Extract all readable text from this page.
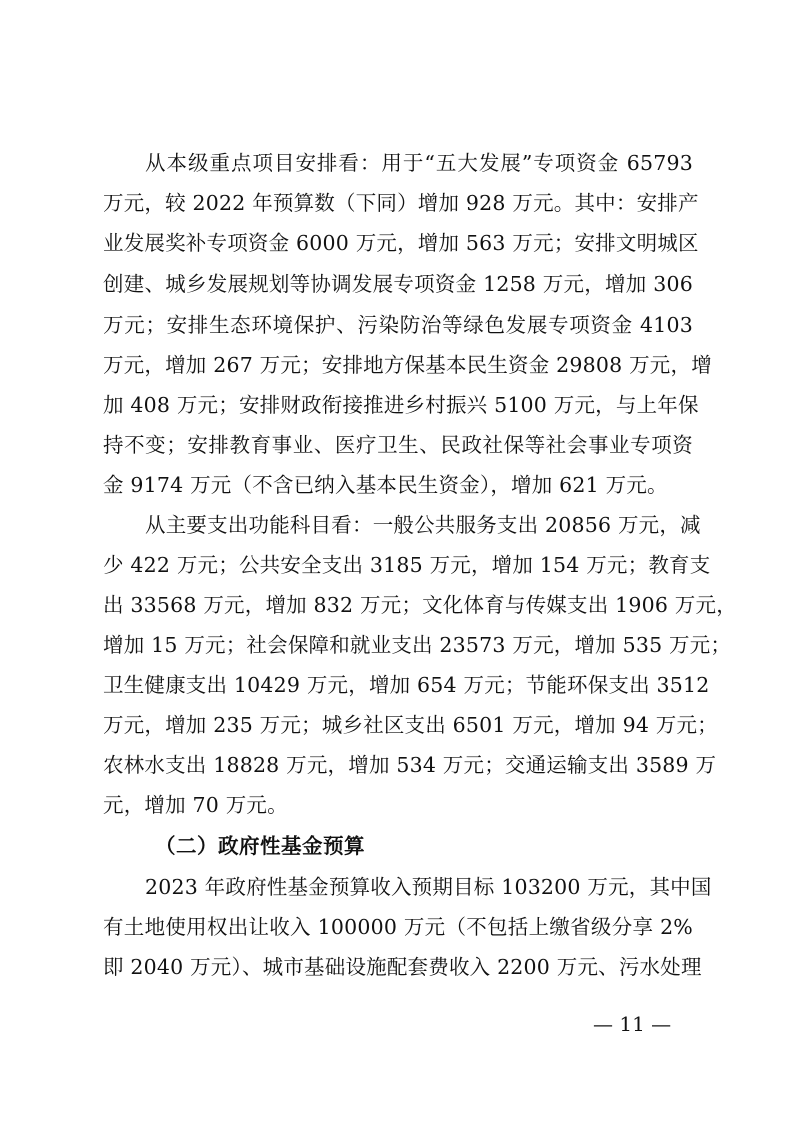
从本级重点项目安排看：用于“五大发展”专项资金 65793
万元，较 2022 年预算数（下同）增加 928 万元。其中：安排产
业发展奖补专项资金 6000 万元，增加 563 万元；安排文明城区
创建、城乡发展规划等协调发展专项资金 1258 万元，增加 306
万元；安排生态环境保护、污染防治等绿色发展专项资金 4103
万元，增加 267 万元；安排地方保基本民生资金 29808 万元，增
加 408 万元；安排财政衔接推进乡村振兴 5100 万元，与上年保
持不变；安排教育事业、医疗卫生、民政社保等社会事业专项资
金 9174 万元（不含已纳入基本民生资金），增加 621 万元。
从主要支出功能科目看：一般公共服务支出 20856 万元，减
少 422 万元；公共安全支出 3185 万元，增加 154 万元；教育支
出 33568 万元，增加 832 万元；文化体育与传媒支出 1906 万元，
增加 15 万元；社会保障和就业支出 23573 万元，增加 535 万元；
卫生健康支出 10429 万元，增加 654 万元；节能环保支出 3512
万元，增加 235 万元；城乡社区支出 6501 万元，增加 94 万元；
农林水支出 18828 万元，增加 534 万元；交通运输支出 3589 万
元，增加 70 万元。
（二）政府性基金预算
2023 年政府性基金预算收入预期目标 103200 万元，其中国
有土地使用权出让收入 100000 万元（不包括上缴省级分享 2%
即 2040 万元）、城市基础设施配套费收入 2200 万元、污水处理
— 11 —
